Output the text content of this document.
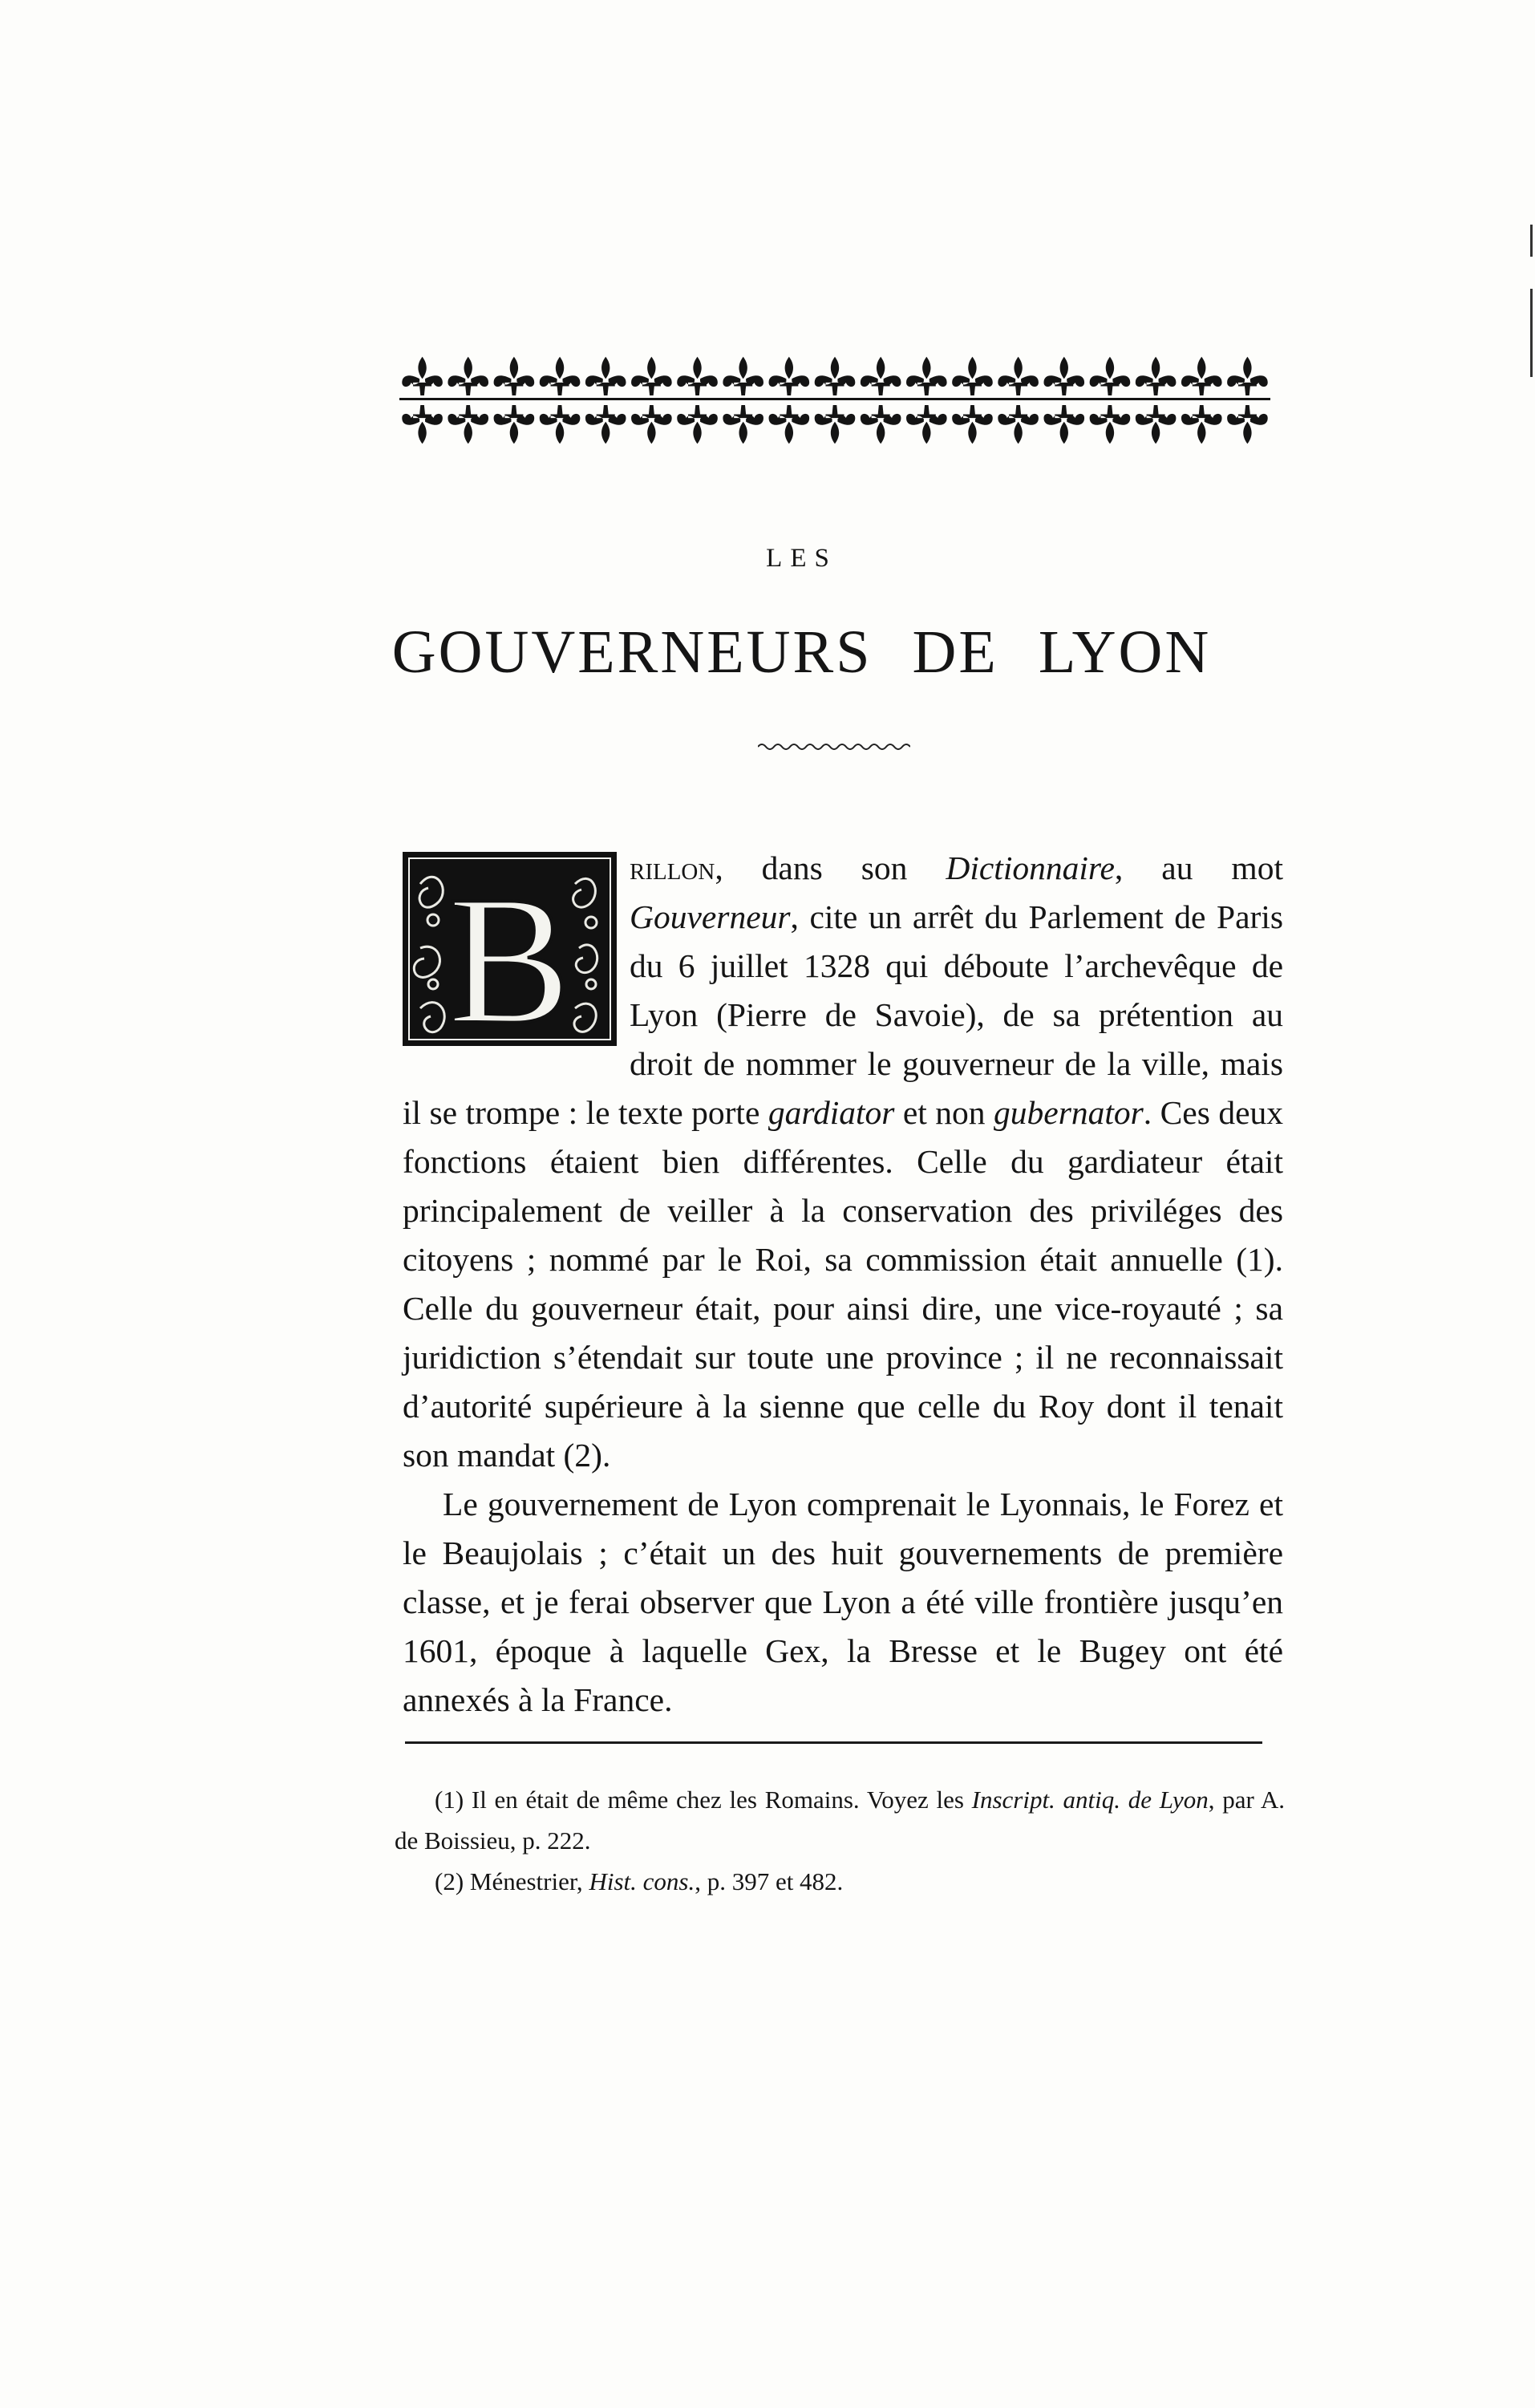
LES
GOUVERNEURS DE LYON
B	rillon, dans son Dictionnaire, au mot Gouverneur, cite un arrêt du Parlement de Paris du 6 juillet 1328 qui déboute l’archevêque de Lyon (Pierre de Savoie), de sa prétention au droit de nommer le gouverneur de la ville, mais il se trompe : le texte porte gardiator et non gubernator. Ces deux fonctions étaient bien différentes. Celle du gardiateur était principalement de veiller à la conservation des priviléges des citoyens ; nommé par le Roi, sa commission était annuelle (1). Celle du gouverneur était, pour ainsi dire, une vice-royauté ; sa juridiction s’étendait sur toute une province ; il ne reconnaissait d’autorité supérieure à la sienne que celle du Roy dont il tenait son mandat (2).

Le gouvernement de Lyon comprenait le Lyonnais, le Forez et le Beaujolais ; c’était un des huit gouvernements de première classe, et je ferai observer que Lyon a été ville frontière jusqu’en 1601, époque à laquelle Gex, la Bresse et le Bugey ont été annexés à la France.

(1) Il en était de même chez les Romains. Voyez les Inscript. antiq. de Lyon, par A. de Boissieu, p. 222.

(2) Ménestrier, Hist. cons., p. 397 et 482.
